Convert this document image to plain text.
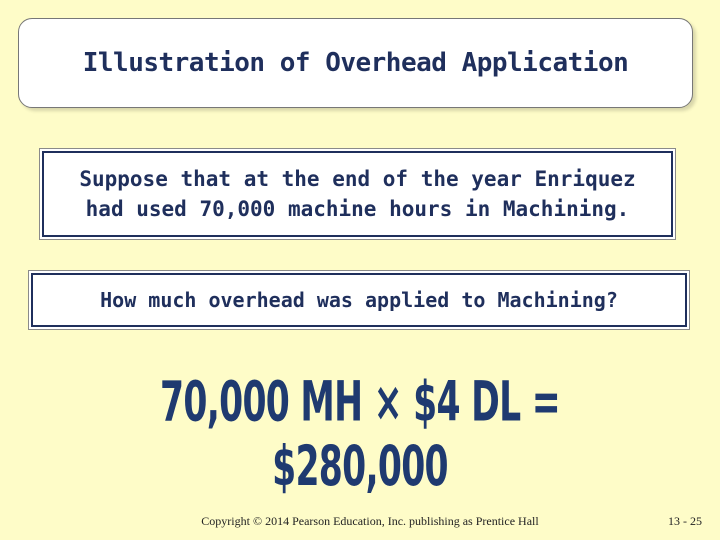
Illustration of Overhead Application
Suppose that at the end of the year Enriquez
had used 70,000 machine hours in Machining.
How much overhead was applied to Machining?
70,000 MH × $4 DL = $280,000
Copyright © 2014 Pearson Education, Inc. publishing as Prentice Hall	13 - 25
